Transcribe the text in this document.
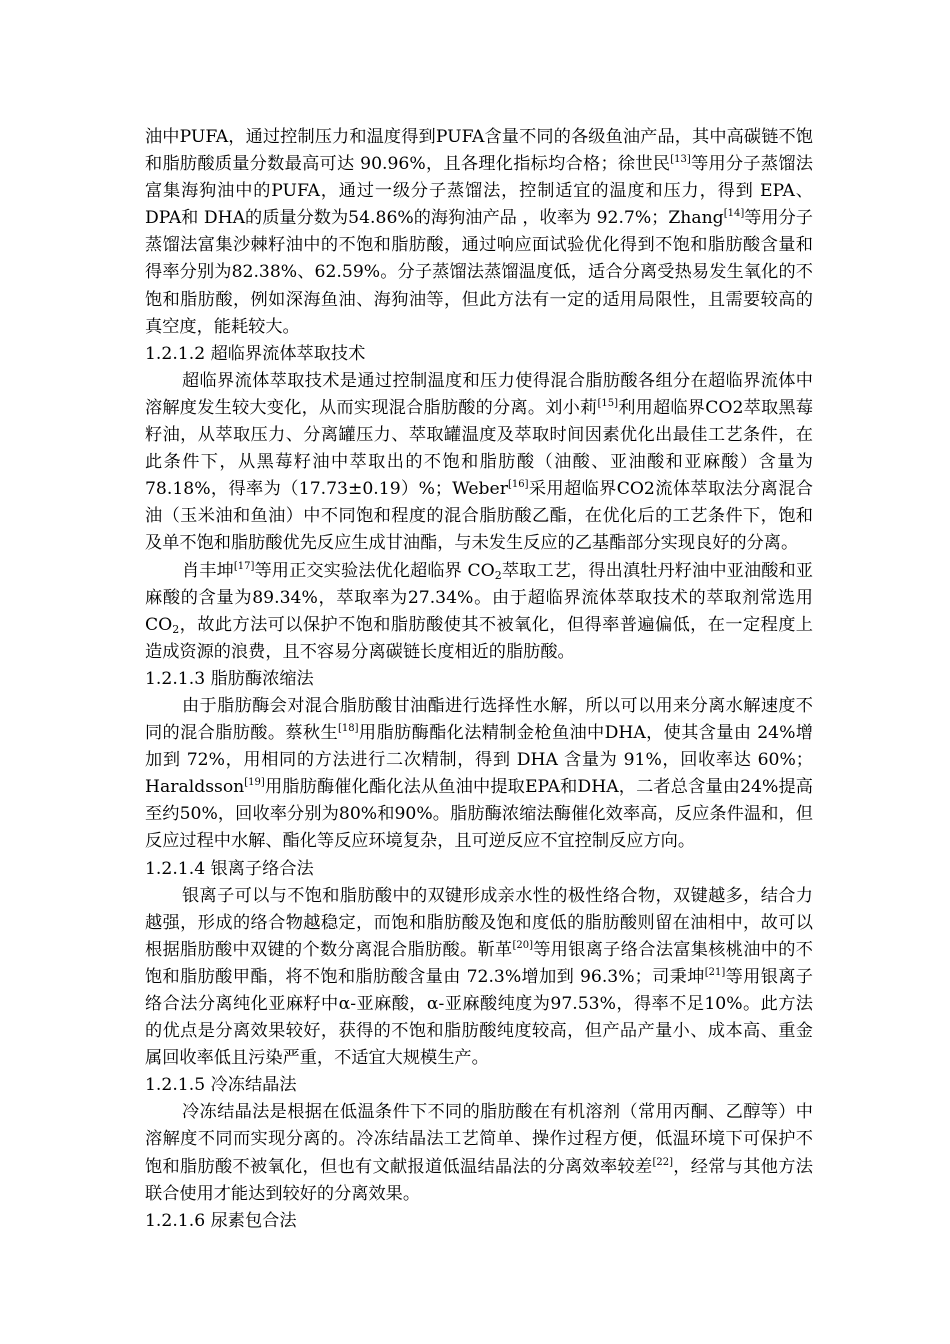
油中PUFA，通过控制压力和温度得到PUFA含量不同的各级鱼油产品，其中高碳链不饱和脂肪酸质量分数最高可达 90.96%，且各理化指标均合格；徐世民[13]等用分子蒸馏法富集海狗油中的PUFA，通过一级分子蒸馏法，控制适宜的温度和压力，得到 EPA、DPA和 DHA的质量分数为54.86%的海狗油产品 ，收率为 92.7%；Zhang[14]等用分子蒸馏法富集沙棘籽油中的不饱和脂肪酸，通过响应面试验优化得到不饱和脂肪酸含量和得率分别为82.38%、62.59%。分子蒸馏法蒸馏温度低，适合分离受热易发生氧化的不饱和脂肪酸，例如深海鱼油、海狗油等，但此方法有一定的适用局限性，且需要较高的真空度，能耗较大。

1.2.1.2 超临界流体萃取技术

超临界流体萃取技术是通过控制温度和压力使得混合脂肪酸各组分在超临界流体中溶解度发生较大变化，从而实现混合脂肪酸的分离。刘小莉[15]利用超临界CO2萃取黑莓籽油，从萃取压力、分离罐压力、萃取罐温度及萃取时间因素优化出最佳工艺条件，在此条件下，从黑莓籽油中萃取出的不饱和脂肪酸（油酸、亚油酸和亚麻酸）含量为78.18%，得率为（17.73±0.19）%；Weber[16]采用超临界CO2流体萃取法分离混合油（玉米油和鱼油）中不同饱和程度的混合脂肪酸乙酯，在优化后的工艺条件下，饱和及单不饱和脂肪酸优先反应生成甘油酯，与未发生反应的乙基酯部分实现良好的分离。

肖丰坤[17]等用正交实验法优化超临界 $CO_2$萃取工艺，得出滇牡丹籽油中亚油酸和亚麻酸的含量为89.34%，萃取率为27.34%。由于超临界流体萃取技术的萃取剂常选用$CO_2$，故此方法可以保护不饱和脂肪酸使其不被氧化，但得率普遍偏低，在一定程度上造成资源的浪费，且不容易分离碳链长度相近的脂肪酸。

1.2.1.3 脂肪酶浓缩法

由于脂肪酶会对混合脂肪酸甘油酯进行选择性水解，所以可以用来分离水解速度不同的混合脂肪酸。蔡秋生[18]用脂肪酶酯化法精制金枪鱼油中DHA，使其含量由 24%增加到 72%，用相同的方法进行二次精制，得到 DHA 含量为 91%，回收率达 60%；Haraldsson[19]用脂肪酶催化酯化法从鱼油中提取EPA和DHA，二者总含量由24%提高至约50%，回收率分别为80%和90%。脂肪酶浓缩法酶催化效率高，反应条件温和，但反应过程中水解、酯化等反应环境复杂，且可逆反应不宜控制反应方向。

1.2.1.4 银离子络合法

银离子可以与不饱和脂肪酸中的双键形成亲水性的极性络合物，双键越多，结合力越强，形成的络合物越稳定，而饱和脂肪酸及饱和度低的脂肪酸则留在油相中，故可以根据脂肪酸中双键的个数分离混合脂肪酸。靳革[20]等用银离子络合法富集核桃油中的不饱和脂肪酸甲酯，将不饱和脂肪酸含量由 72.3%增加到 96.3%；司秉坤[21]等用银离子络合法分离纯化亚麻籽中α-亚麻酸，α-亚麻酸纯度为97.53%，得率不足10%。此方法的优点是分离效果较好，获得的不饱和脂肪酸纯度较高，但产品产量小、成本高、重金属回收率低且污染严重，不适宜大规模生产。

1.2.1.5 冷冻结晶法

冷冻结晶法是根据在低温条件下不同的脂肪酸在有机溶剂（常用丙酮、乙醇等）中溶解度不同而实现分离的。冷冻结晶法工艺简单、操作过程方便，低温环境下可保护不饱和脂肪酸不被氧化，但也有文献报道低温结晶法的分离效率较差[22]，经常与其他方法联合使用才能达到较好的分离效果。

1.2.1.6 尿素包合法
